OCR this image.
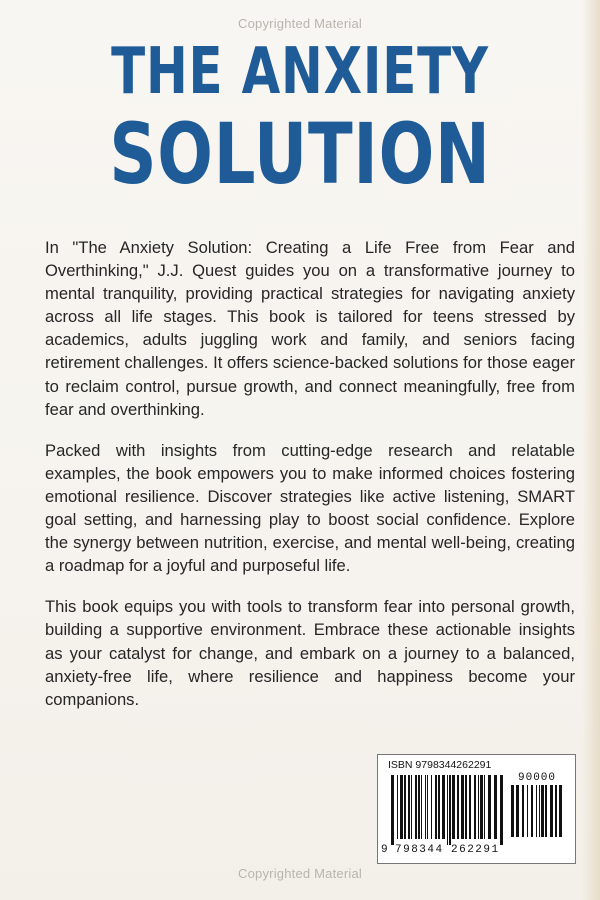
Copyrighted Material
THE ANXIETY
SOLUTION

In "The Anxiety Solution: Creating a Life Free from Fear and Overthinking," J.J. Quest guides you on a transformative journey to mental tranquility, providing practical strategies for navigating anxiety across all life stages. This book is tailored for teens stressed by academics, adults juggling work and family, and seniors facing retirement challenges. It offers science-backed solutions for those eager to reclaim control, pursue growth, and connect meaningfully, free from fear and overthinking.

Packed with insights from cutting-edge research and relatable examples, the book empowers you to make informed choices fostering emotional resilience. Discover strategies like active listening, SMART goal setting, and harnessing play to boost social confidence. Explore the synergy between nutrition, exercise, and mental well-being, creating a roadmap for a joyful and purposeful life.

This book equips you with tools to transform fear into personal growth, building a supportive environment. Embrace these actionable insights as your catalyst for change, and embark on a journey to a balanced, anxiety-free life, where resilience and happiness become your companions.

ISBN 9798344262291
90000
9 798344 262291
Copyrighted Material
